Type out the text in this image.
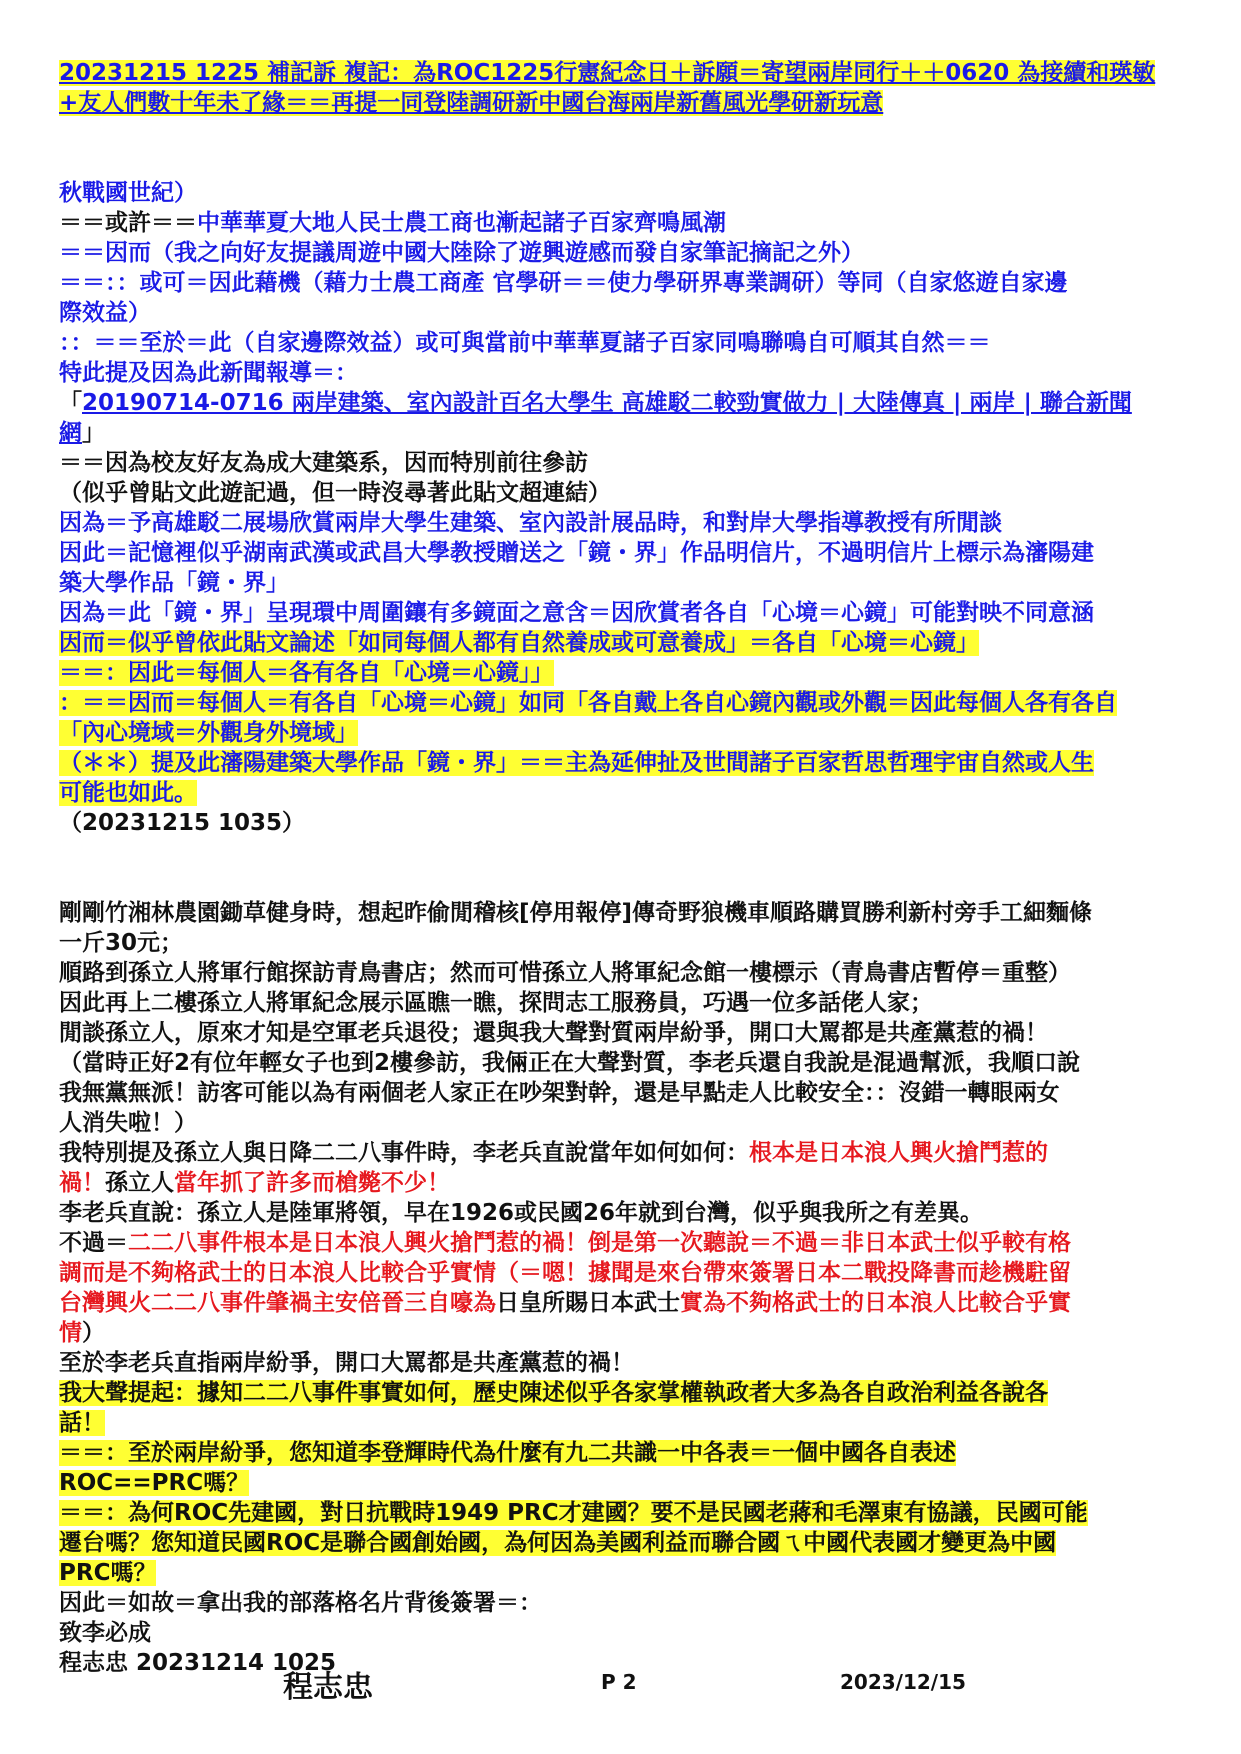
20231215 1225 補記訴 複記：為ROC1225行憲紀念日＋訴願＝寄望兩岸同行＋＋0620 為接續和瑛敏

+友人們數十年未了緣＝＝再提一同登陸調研新中國台海兩岸新舊風光學研新玩意

秋戰國世紀）

＝＝或許＝＝中華華夏大地人民士農工商也漸起諸子百家齊鳴風潮

＝＝因而（我之向好友提議周遊中國大陸除了遊興遊感而發自家筆記摘記之外）

＝＝：：或可＝因此藉機（藉力士農工商產 官學研＝＝使力學研界專業調研）等同（自家悠遊自家邊

際效益）

：：＝＝至於＝此（自家邊際效益）或可與當前中華華夏諸子百家同鳴聯鳴自可順其自然＝＝

特此提及因為此新聞報導＝：

「20190714-0716 兩岸建築、室內設計百名大學生 高雄駁二較勁實做力 | 大陸傳真 | 兩岸 | 聯合新聞

網」

＝＝因為校友好友為成大建築系，因而特別前往參訪

（似乎曾貼文此遊記過，但一時沒尋著此貼文超連結）

因為＝予高雄駁二展場欣賞兩岸大學生建築、室內設計展品時，和對岸大學指導教授有所閒談

因此＝記憶裡似乎湖南武漢或武昌大學教授贈送之「鏡・界」作品明信片，不過明信片上標示為瀋陽建

築大學作品「鏡・界」

因為＝此「鏡・界」呈現環中周圍鑲有多鏡面之意含＝因欣賞者各自「心境＝心鏡」可能對映不同意涵

因而＝似乎曾依此貼文論述「如同每個人都有自然養成或可意養成」＝各自「心境＝心鏡」

＝＝：因此＝每個人＝各有各自「心境＝心鏡」」

：＝＝因而＝每個人＝有各自「心境＝心鏡」如同「各自戴上各自心鏡內觀或外觀＝因此每個人各有各自

「內心境域＝外觀身外境域」

（＊＊）提及此瀋陽建築大學作品「鏡・界」＝＝主為延伸扯及世間諸子百家哲思哲理宇宙自然或人生

可能也如此。

（20231215 1035）

剛剛竹湘林農園鋤草健身時，想起昨偷閒稽核[停用報停]傳奇野狼機車順路購買勝利新村旁手工細麵條

一斤30元；

順路到孫立人將軍行館探訪青鳥書店；然而可惜孫立人將軍紀念館一樓標示（青鳥書店暫停＝重整）

因此再上二樓孫立人將軍紀念展示區瞧一瞧，探問志工服務員，巧遇一位多話佬人家；

閒談孫立人，原來才知是空軍老兵退役；還與我大聲對質兩岸紛爭，開口大罵都是共產黨惹的禍！

（當時正好2有位年輕女子也到2樓參訪，我倆正在大聲對質，李老兵還自我說是混過幫派，我順口說

我無黨無派！訪客可能以為有兩個老人家正在吵架對幹，還是早點走人比較安全：：沒錯一轉眼兩女

人消失啦！）

我特別提及孫立人與日降二二八事件時，李老兵直說當年如何如何：根本是日本浪人興火搶鬥惹的

禍！孫立人當年抓了許多而槍斃不少！

李老兵直說：孫立人是陸軍將領，早在1926或民國26年就到台灣，似乎與我所之有差異。

不過＝二二八事件根本是日本浪人興火搶鬥惹的禍！倒是第一次聽說＝不過＝非日本武士似乎較有格

調而是不夠格武士的日本浪人比較合乎實情（＝嗯！據聞是來台帶來簽署日本二戰投降書而趁機駐留

台灣興火二二八事件肇禍主安倍晉三自嚎為日皇所賜日本武士實為不夠格武士的日本浪人比較合乎實

情）

至於李老兵直指兩岸紛爭，開口大罵都是共產黨惹的禍！

我大聲提起：據知二二八事件事實如何，歷史陳述似乎各家掌權執政者大多為各自政治利益各說各

話！

＝＝：至於兩岸紛爭，您知道李登輝時代為什麼有九二共識一中各表＝一個中國各自表述

ROC==PRC嗎？

＝＝：為何ROC先建國，對日抗戰時1949 PRC才建國？要不是民國老蔣和毛澤東有協議，民國可能

遷台嗎？您知道民國ROC是聯合國創始國，為何因為美國利益而聯合國ㄟ中國代表國才變更為中國

PRC嗎？

因此＝如故＝拿出我的部落格名片背後簽署＝：

致李必成

程志忠 20231214 1025

程志忠	P 2	2023/12/15
